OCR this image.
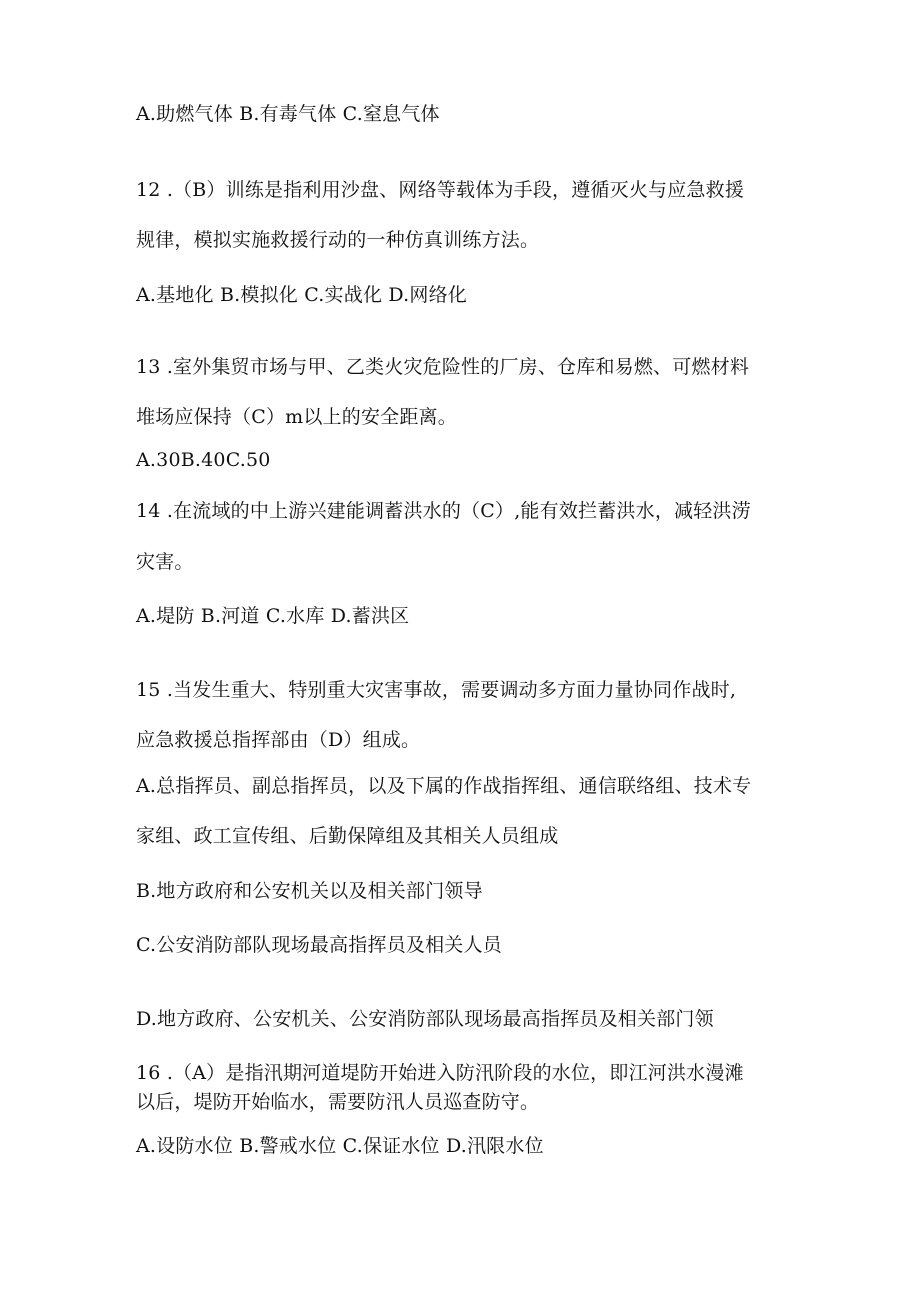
A.助燃气体 B.有毒气体 C.窒息气体
12 .（B）训练是指利用沙盘、网络等载体为手段，遵循灭火与应急救援
规律，模拟实施救援行动的一种仿真训练方法。
A.基地化 B.模拟化 C.实战化 D.网络化
13 .室外集贸市场与甲、乙类火灾危险性的厂房、仓库和易燃、可燃材料
堆场应保持（C）m以上的安全距离。
A.30B.40C.50
14 .在流域的中上游兴建能调蓄洪水的（C）,能有效拦蓄洪水，减轻洪涝
灾害。
A.堤防 B.河道 C.水库 D.蓄洪区
15 .当发生重大、特别重大灾害事故，需要调动多方面力量协同作战时,
应急救援总指挥部由（D）组成。
A.总指挥员、副总指挥员，以及下属的作战指挥组、通信联络组、技术专
家组、政工宣传组、后勤保障组及其相关人员组成
B.地方政府和公安机关以及相关部门领导
C.公安消防部队现场最高指挥员及相关人员
D.地方政府、公安机关、公安消防部队现场最高指挥员及相关部门领
16 .（A）是指汛期河道堤防开始进入防汛阶段的水位，即江河洪水漫滩
以后，堤防开始临水，需要防汛人员巡查防守。
A.设防水位 B.警戒水位 C.保证水位 D.汛限水位
